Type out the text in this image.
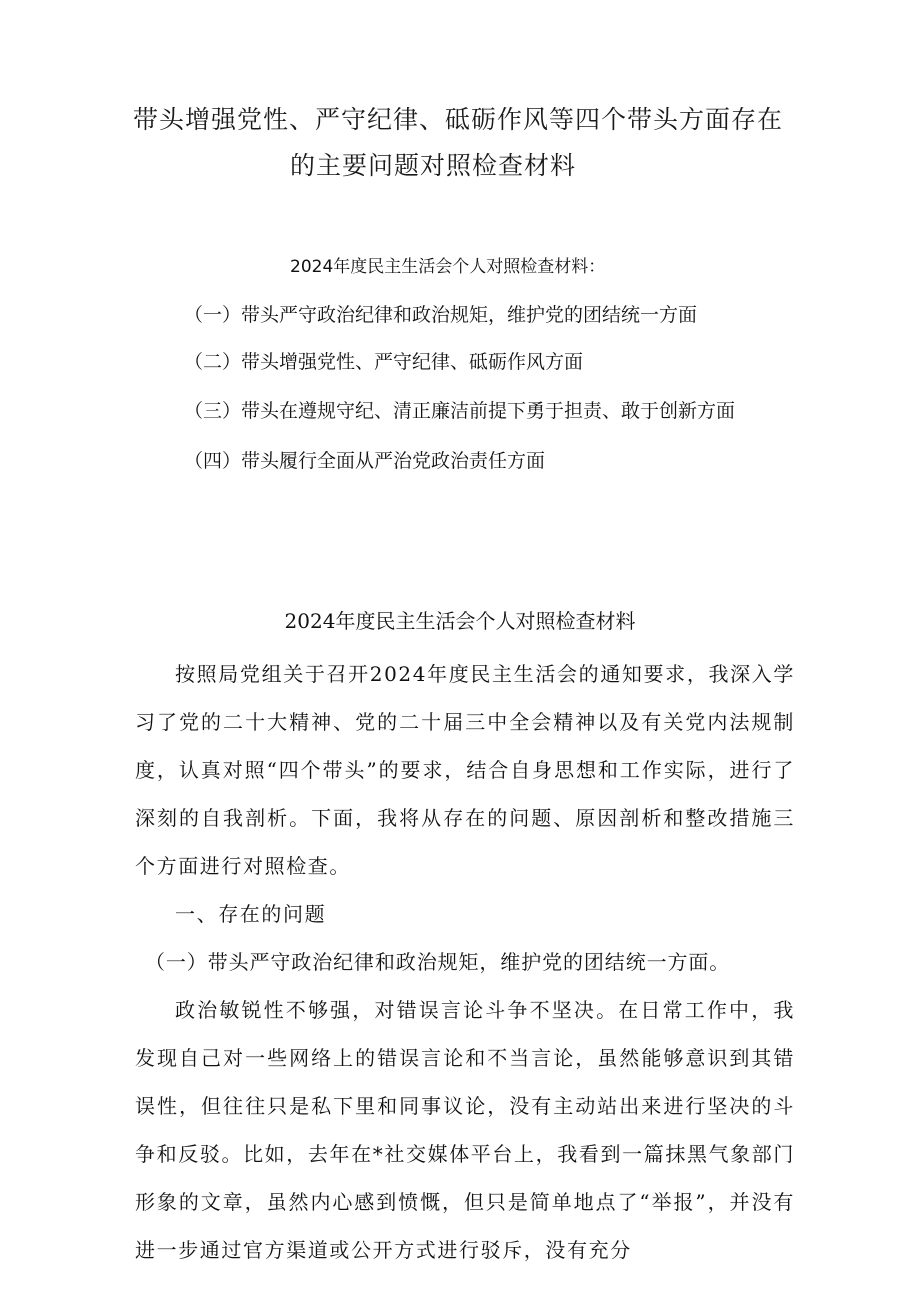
带头增强党性、严守纪律、砥砺作风等四个带头方面存在
的主要问题对照检查材料
2024年度民主生活会个人对照检查材料：
（一）带头严守政治纪律和政治规矩，维护党的团结统一方面
（二）带头增强党性、严守纪律、砥砺作风方面
（三）带头在遵规守纪、清正廉洁前提下勇于担责、敢于创新方面
（四）带头履行全面从严治党政治责任方面
2024年度民主生活会个人对照检查材料

按照局党组关于召开2024年度民主生活会的通知要求，我深入学习了党的二十大精神、党的二十届三中全会精神以及有关党内法规制度，认真对照“四个带头”的要求，结合自身思想和工作实际，进行了深刻的自我剖析。下面，我将从存在的问题、原因剖析和整改措施三个方面进行对照检查。

一、存在的问题

（一）带头严守政治纪律和政治规矩，维护党的团结统一方面。

政治敏锐性不够强，对错误言论斗争不坚决。在日常工作中，我发现自己对一些网络上的错误言论和不当言论，虽然能够意识到其错误性，但往往只是私下里和同事议论，没有主动站出来进行坚决的斗争和反驳。比如，去年在*社交媒体平台上，我看到一篇抹黑气象部门形象的文章，虽然内心感到愤慨，但只是简单地点了“举报”，并没有进一步通过官方渠道或公开方式进行驳斥，没有充分
